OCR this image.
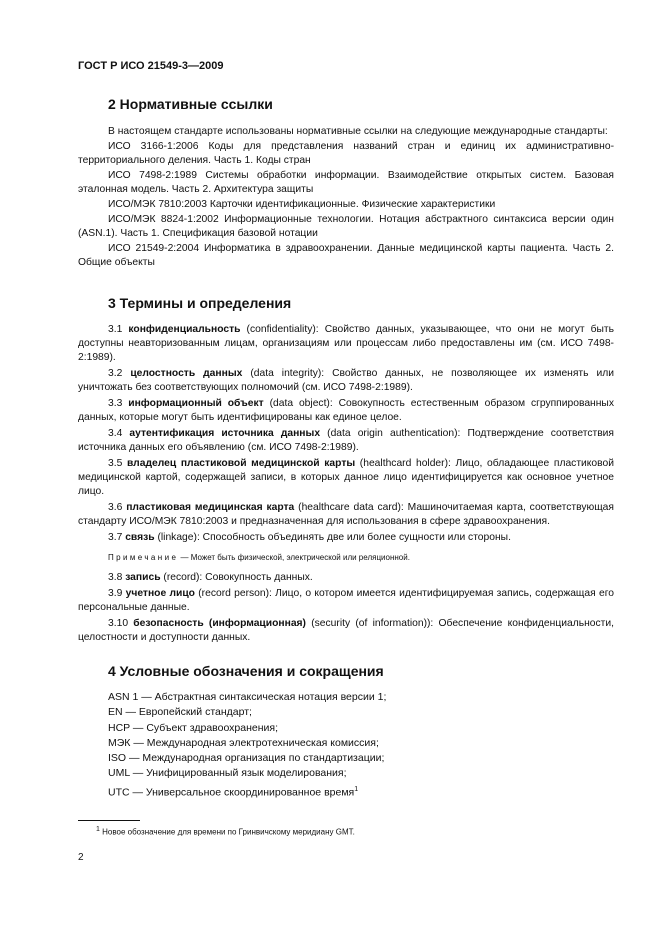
ГОСТ Р ИСО 21549-3—2009
2 Нормативные ссылки

В настоящем стандарте использованы нормативные ссылки на следующие международные стандарты:

ИСО 3166-1:2006 Коды для представления названий стран и единиц их административно-территориального деления. Часть 1. Коды стран

ИСО 7498-2:1989 Системы обработки информации. Взаимодействие открытых систем. Базовая эталонная модель. Часть 2. Архитектура защиты

ИСО/МЭК 7810:2003 Карточки идентификационные. Физические характеристики

ИСО/МЭК 8824-1:2002 Информационные технологии. Нотация абстрактного синтаксиса версии один (ASN.1). Часть 1. Спецификация базовой нотации

ИСО 21549-2:2004 Информатика в здравоохранении. Данные медицинской карты пациента. Часть 2. Общие объекты

3 Термины и определения

3.1 конфиденциальность (confidentiality): Свойство данных, указывающее, что они не могут быть доступны неавторизованным лицам, организациям или процессам либо предоставлены им (см. ИСО 7498-2:1989).

3.2 целостность данных (data integrity): Свойство данных, не позволяющее их изменять или уничтожать без соответствующих полномочий (см. ИСО 7498-2:1989).

3.3 информационный объект (data object): Совокупность естественным образом сгруппированных данных, которые могут быть идентифицированы как единое целое.

3.4 аутентификация источника данных (data origin authentication): Подтверждение соответствия источника данных его объявлению (см. ИСО 7498-2:1989).

3.5 владелец пластиковой медицинской карты (healthcard holder): Лицо, обладающее пластиковой медицинской картой, содержащей записи, в которых данное лицо идентифицируется как основное учетное лицо.

3.6 пластиковая медицинская карта (healthcare data card): Машиночитаемая карта, соответствующая стандарту ИСО/МЭК 7810:2003 и предназначенная для использования в сфере здравоохранения.

3.7 связь (linkage): Способность объединять две или более сущности или стороны.

Примечание — Может быть физической, электрической или реляционной.

3.8 запись (record): Совокупность данных.

3.9 учетное лицо (record person): Лицо, о котором имеется идентифицируемая запись, содержащая его персональные данные.

3.10 безопасность (информационная) (security (of information)): Обеспечение конфиденциальности, целостности и доступности данных.

4 Условные обозначения и сокращения
ASN 1 — Абстрактная синтаксическая нотация версии 1;
EN — Европейский стандарт;
HCP — Субъект здравоохранения;
МЭК — Международная электротехническая комиссия;
ISO — Международная организация по стандартизации;
UML — Унифицированный язык моделирования;
UTC — Универсальное скоординированное время$^1$
$^1$ Новое обозначение для времени по Гринвичскому меридиану GMT.
2
